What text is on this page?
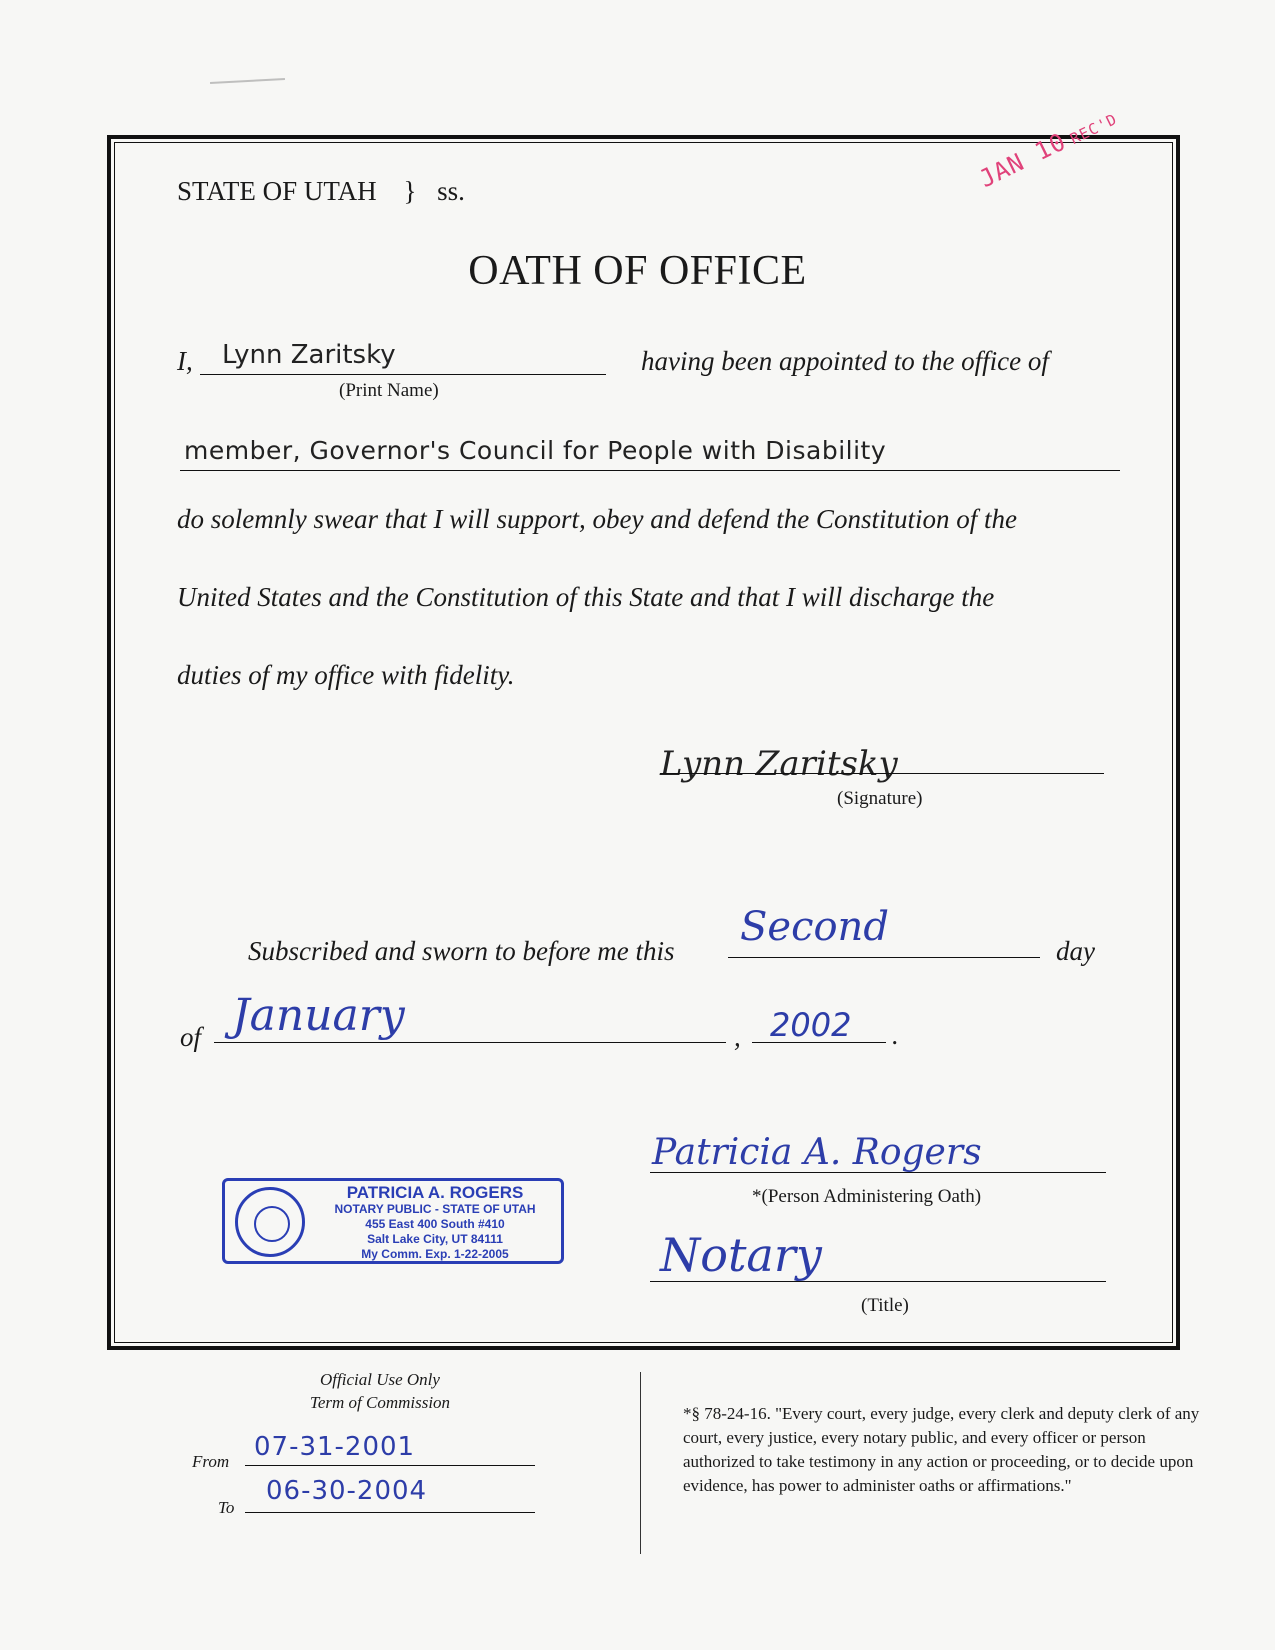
STATE OF UTAH } ss.	JAN 10REC'D
OATH OF OFFICE
I, Lynn Zaritsky
(Print Name)
having been appointed to the office of
member, Governor's Council for People with Disability
do solemnly swear that I will support, obey and defend the Constitution of the
United States and the Constitution of this State and that I will discharge the
duties of my office with fidelity.
Lynn Zaritsky
(Signature)
Subscribed and sworn to before me this
Second
day
of January	, 2002 .
Patricia A. Rogers
*(Person Administering Oath)
Notary
(Title)
PATRICIA A. ROGERS
NOTARY PUBLIC - STATE OF UTAH
455 East 400 South #410
Salt Lake City, UT 84111
My Comm. Exp. 1-22-2005
Official Use Only
Term of Commission
From 07-31-2001
To
06-30-2004
*§ 78-24-16. "Every court, every judge, every clerk and deputy clerk of any court, every justice, every notary public, and every officer or person authorized to take testimony in any action or proceeding, or to decide upon evidence, has power to administer oaths or affirmations."
